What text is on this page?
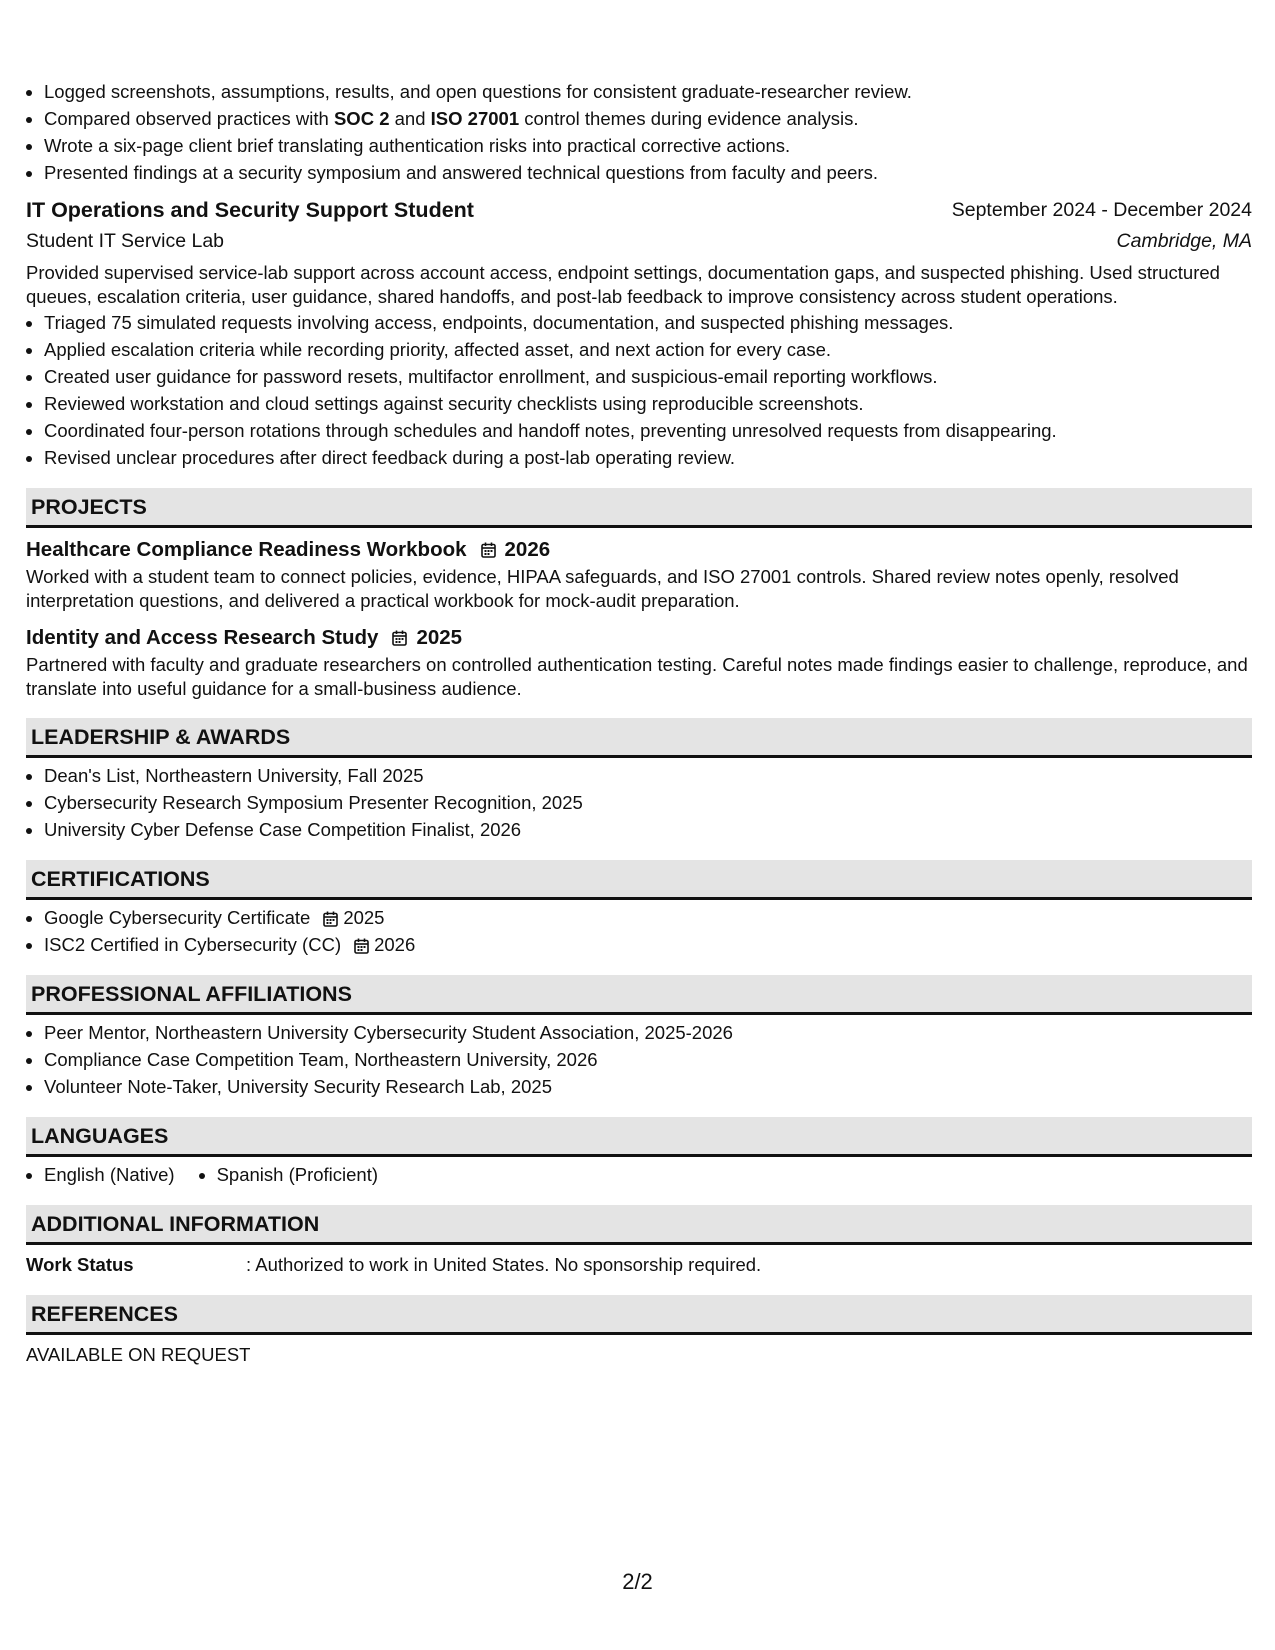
• Logged screenshots, assumptions, results, and open questions for consistent graduate-researcher review.
• Compared observed practices with SOC 2 and ISO 27001 control themes during evidence analysis.
• Wrote a six-page client brief translating authentication risks into practical corrective actions.
• Presented findings at a security symposium and answered technical questions from faculty and peers.
IT Operations and Security Support Student	September 2024 - December 2024
Student IT Service Lab	Cambridge, MA
Provided supervised service-lab support across account access, endpoint settings, documentation gaps, and suspected phishing. Used structured queues, escalation criteria, user guidance, shared handoffs, and post-lab feedback to improve consistency across student operations.
• Triaged 75 simulated requests involving access, endpoints, documentation, and suspected phishing messages.
• Applied escalation criteria while recording priority, affected asset, and next action for every case.
• Created user guidance for password resets, multifactor enrollment, and suspicious-email reporting workflows.
• Reviewed workstation and cloud settings against security checklists using reproducible screenshots.
• Coordinated four-person rotations through schedules and handoff notes, preventing unresolved requests from disappearing.
• Revised unclear procedures after direct feedback during a post-lab operating review.
PROJECTS
Healthcare Compliance Readiness Workbook 2026
Worked with a student team to connect policies, evidence, HIPAA safeguards, and ISO 27001 controls. Shared review notes openly, resolved interpretation questions, and delivered a practical workbook for mock-audit preparation.
Identity and Access Research Study 2025
Partnered with faculty and graduate researchers on controlled authentication testing. Careful notes made findings easier to challenge, reproduce, and translate into useful guidance for a small-business audience.
LEADERSHIP & AWARDS
• Dean's List, Northeastern University, Fall 2025
• Cybersecurity Research Symposium Presenter Recognition, 2025
• University Cyber Defense Case Competition Finalist, 2026
CERTIFICATIONS
• Google Cybersecurity Certificate 2025
• ISC2 Certified in Cybersecurity (CC) 2026
PROFESSIONAL AFFILIATIONS
• Peer Mentor, Northeastern University Cybersecurity Student Association, 2025-2026
• Compliance Case Competition Team, Northeastern University, 2026
• Volunteer Note-Taker, University Security Research Lab, 2025
LANGUAGES
• English (Native)
• Spanish (Proficient)
ADDITIONAL INFORMATION
Work Status	: Authorized to work in United States. No sponsorship required.
REFERENCES
AVAILABLE ON REQUEST
2/2
